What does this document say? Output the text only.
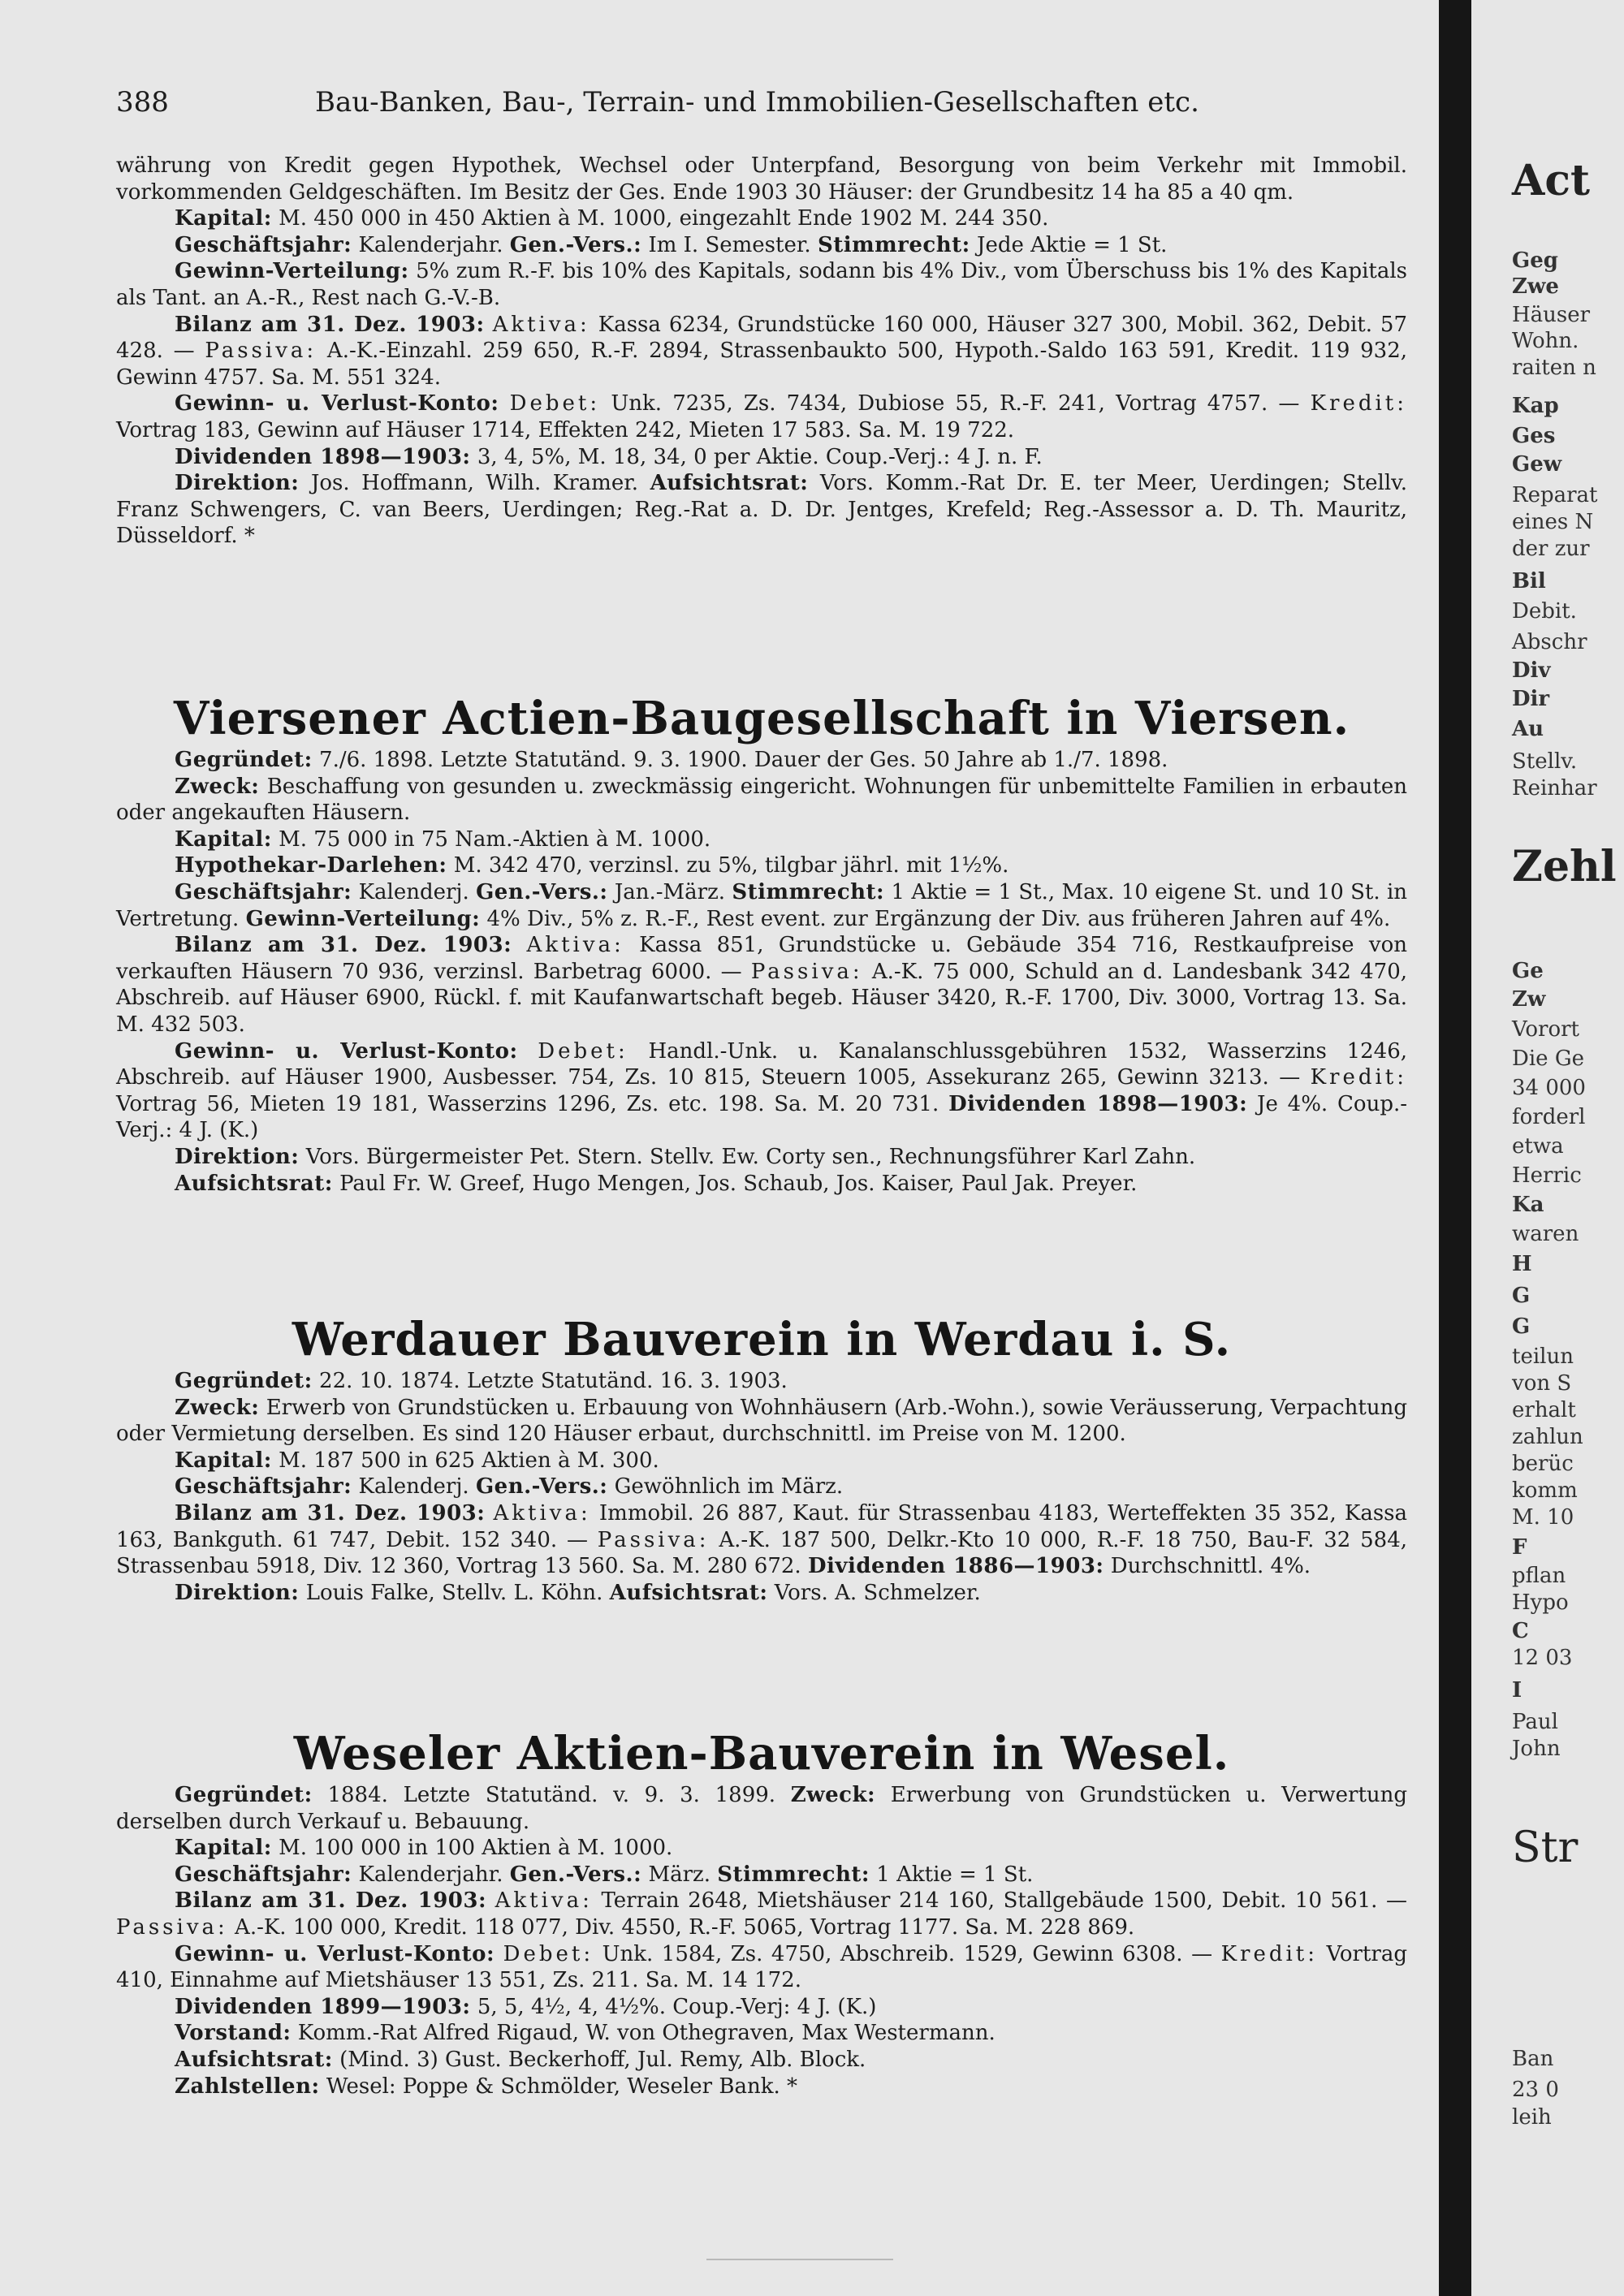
388	Bau-Banken, Bau-, Terrain- und Immobilien-Gesellschaften etc.

währung von Kredit gegen Hypothek, Wechsel oder Unterpfand, Besorgung von beim Verkehr mit Immobil. vorkommenden Geldgeschäften. Im Besitz der Ges. Ende 1903 30 Häuser: der Grundbesitz 14 ha 85 a 40 qm.

Kapital: M. 450 000 in 450 Aktien à M. 1000, eingezahlt Ende 1902 M. 244 350.

Geschäftsjahr: Kalenderjahr. Gen.-Vers.: Im I. Semester. Stimmrecht: Jede Aktie = 1 St.

Gewinn-Verteilung: 5% zum R.-F. bis 10% des Kapitals, sodann bis 4% Div., vom Überschuss bis 1% des Kapitals als Tant. an A.-R., Rest nach G.-V.-B.

Bilanz am 31. Dez. 1903: Aktiva: Kassa 6234, Grundstücke 160 000, Häuser 327 300, Mobil. 362, Debit. 57 428. — Passiva: A.-K.-Einzahl. 259 650, R.-F. 2894, Strassenbaukto 500, Hypoth.-Saldo 163 591, Kredit. 119 932, Gewinn 4757. Sa. M. 551 324.

Gewinn- u. Verlust-Konto: Debet: Unk. 7235, Zs. 7434, Dubiose 55, R.-F. 241, Vortrag 4757. — Kredit: Vortrag 183, Gewinn auf Häuser 1714, Effekten 242, Mieten 17 583. Sa. M. 19 722.

Dividenden 1898—1903: 3, 4, 5%, M. 18, 34, 0 per Aktie. Coup.-Verj.: 4 J. n. F.

Direktion: Jos. Hoffmann, Wilh. Kramer. Aufsichtsrat: Vors. Komm.-Rat Dr. E. ter Meer, Uerdingen; Stellv. Franz Schwengers, C. van Beers, Uerdingen; Reg.-Rat a. D. Dr. Jentges, Krefeld; Reg.-Assessor a. D. Th. Mauritz, Düsseldorf. *

Viersener Actien-Baugesellschaft in Viersen.

Gegründet: 7./6. 1898. Letzte Statutänd. 9. 3. 1900. Dauer der Ges. 50 Jahre ab 1./7. 1898.

Zweck: Beschaffung von gesunden u. zweckmässig eingericht. Wohnungen für unbemittelte Familien in erbauten oder angekauften Häusern.

Kapital: M. 75 000 in 75 Nam.-Aktien à M. 1000.

Hypothekar-Darlehen: M. 342 470, verzinsl. zu 5%, tilgbar jährl. mit 1½%.

Geschäftsjahr: Kalenderj. Gen.-Vers.: Jan.-März. Stimmrecht: 1 Aktie = 1 St., Max. 10 eigene St. und 10 St. in Vertretung. Gewinn-Verteilung: 4% Div., 5% z. R.-F., Rest event. zur Ergänzung der Div. aus früheren Jahren auf 4%.

Bilanz am 31. Dez. 1903: Aktiva: Kassa 851, Grundstücke u. Gebäude 354 716, Restkaufpreise von verkauften Häusern 70 936, verzinsl. Barbetrag 6000. — Passiva: A.-K. 75 000, Schuld an d. Landesbank 342 470, Abschreib. auf Häuser 6900, Rückl. f. mit Kaufanwartschaft begeb. Häuser 3420, R.-F. 1700, Div. 3000, Vortrag 13. Sa. M. 432 503.

Gewinn- u. Verlust-Konto: Debet: Handl.-Unk. u. Kanalanschlussgebühren 1532, Wasserzins 1246, Abschreib. auf Häuser 1900, Ausbesser. 754, Zs. 10 815, Steuern 1005, Assekuranz 265, Gewinn 3213. — Kredit: Vortrag 56, Mieten 19 181, Wasserzins 1296, Zs. etc. 198. Sa. M. 20 731. Dividenden 1898—1903: Je 4%. Coup.-Verj.: 4 J. (K.)

Direktion: Vors. Bürgermeister Pet. Stern. Stellv. Ew. Corty sen., Rechnungsführer Karl Zahn.

Aufsichtsrat: Paul Fr. W. Greef, Hugo Mengen, Jos. Schaub, Jos. Kaiser, Paul Jak. Preyer.

Werdauer Bauverein in Werdau i. S.

Gegründet: 22. 10. 1874. Letzte Statutänd. 16. 3. 1903.

Zweck: Erwerb von Grundstücken u. Erbauung von Wohnhäusern (Arb.-Wohn.), sowie Veräusserung, Verpachtung oder Vermietung derselben. Es sind 120 Häuser erbaut, durchschnittl. im Preise von M. 1200.

Kapital: M. 187 500 in 625 Aktien à M. 300.

Geschäftsjahr: Kalenderj. Gen.-Vers.: Gewöhnlich im März.

Bilanz am 31. Dez. 1903: Aktiva: Immobil. 26 887, Kaut. für Strassenbau 4183, Werteffekten 35 352, Kassa 163, Bankguth. 61 747, Debit. 152 340. — Passiva: A.-K. 187 500, Delkr.-Kto 10 000, R.-F. 18 750, Bau-F. 32 584, Strassenbau 5918, Div. 12 360, Vortrag 13 560. Sa. M. 280 672. Dividenden 1886—1903: Durchschnittl. 4%.

Direktion: Louis Falke, Stellv. L. Köhn. Aufsichtsrat: Vors. A. Schmelzer.

Weseler Aktien-Bauverein in Wesel.

Gegründet: 1884. Letzte Statutänd. v. 9. 3. 1899. Zweck: Erwerbung von Grundstücken u. Verwertung derselben durch Verkauf u. Bebauung.

Kapital: M. 100 000 in 100 Aktien à M. 1000.

Geschäftsjahr: Kalenderjahr. Gen.-Vers.: März. Stimmrecht: 1 Aktie = 1 St.

Bilanz am 31. Dez. 1903: Aktiva: Terrain 2648, Mietshäuser 214 160, Stallgebäude 1500, Debit. 10 561. — Passiva: A.-K. 100 000, Kredit. 118 077, Div. 4550, R.-F. 5065, Vortrag 1177. Sa. M. 228 869.

Gewinn- u. Verlust-Konto: Debet: Unk. 1584, Zs. 4750, Abschreib. 1529, Gewinn 6308. — Kredit: Vortrag 410, Einnahme auf Mietshäuser 13 551, Zs. 211. Sa. M. 14 172.

Dividenden 1899—1903: 5, 5, 4½, 4, 4½%. Coup.-Verj: 4 J. (K.)

Vorstand: Komm.-Rat Alfred Rigaud, W. von Othegraven, Max Westermann.

Aufsichtsrat: (Mind. 3) Gust. Beckerhoff, Jul. Remy, Alb. Block.

Zahlstellen: Wesel: Poppe & Schmölder, Weseler Bank. *

Act
Geg
Zwe
Häuser
Wohn.
raiten n
Kap
Ges
Gew
Reparat
eines N
der zur
Bil
Debit.
Abschr
Div
Dir
Au
Stellv.
Reinhar
Zehl
Ge
Zw
Vorort
Die Ge
34 000
forderl
etwa
Herric
Ka
waren
H
G
G
teilun
von S
erhalt
zahlun
berüc
komm
M. 10
F
pflan
Hypo
C
12 03
I
Paul
John
Str
Ban
23 0
leih
